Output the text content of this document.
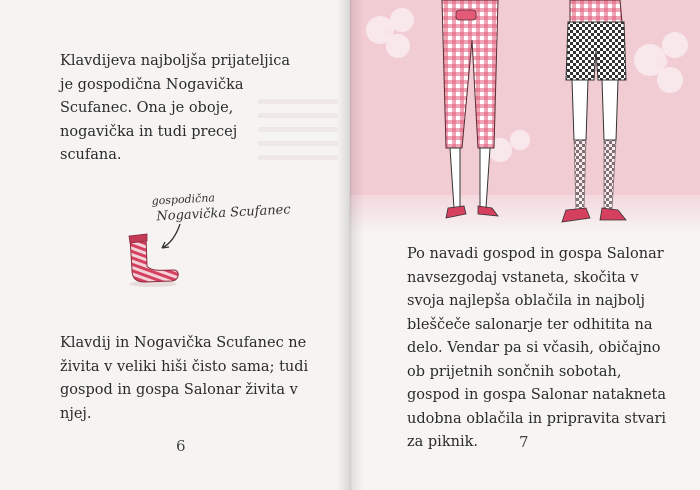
Klavdijeva najboljša prijateljica
je gospodična Nogavička
Scufanec. Ona je oboje,
nogavička in tudi precej
scufana.

gospodična
Nogavička Scufanec

Klavdij in Nogavička Scufanec ne
živita v veliki hiši čisto sama; tudi
gospod in gospa Salonar živita v
njej.

6

Po navadi gospod in gospa Salonar
navsezgodaj vstaneta, skočita v
svoja najlepša oblačila in najbolj
bleščeče salonarje ter odhitita na
delo. Vendar pa si včasih, običajno
ob prijetnih sončnih sobotah,
gospod in gospa Salonar natakneta
udobna oblačila in pripravita stvari
za piknik.	7
